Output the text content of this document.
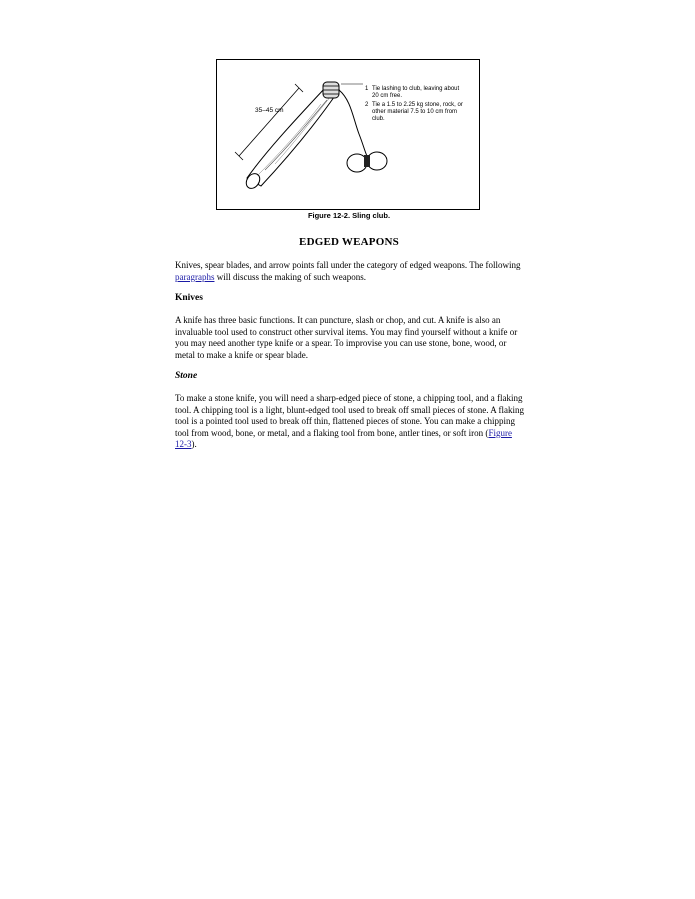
35–45 cm
1 Tie lashing to club, leaving about
20 cm free.
2 Tie a 1.5 to 2.25 kg stone, rock, or
other material 7.5 to 10 cm from
club.
Figure 12-2. Sling club.
EDGED WEAPONS

Knives, spear blades, and arrow points fall under the category of edged weapons. The following paragraphs will discuss the making of such weapons.

Knives

A knife has three basic functions. It can puncture, slash or chop, and cut. A knife is also an invaluable tool used to construct other survival items. You may find yourself without a knife or you may need another type knife or a spear. To improvise you can use stone, bone, wood, or metal to make a knife or spear blade.

Stone

To make a stone knife, you will need a sharp-edged piece of stone, a chipping tool, and a flaking tool. A chipping tool is a light, blunt-edged tool used to break off small pieces of stone. A flaking tool is a pointed tool used to break off thin, flattened pieces of stone. You can make a chipping tool from wood, bone, or metal, and a flaking tool from bone, antler tines, or soft iron (Figure 12-3).
